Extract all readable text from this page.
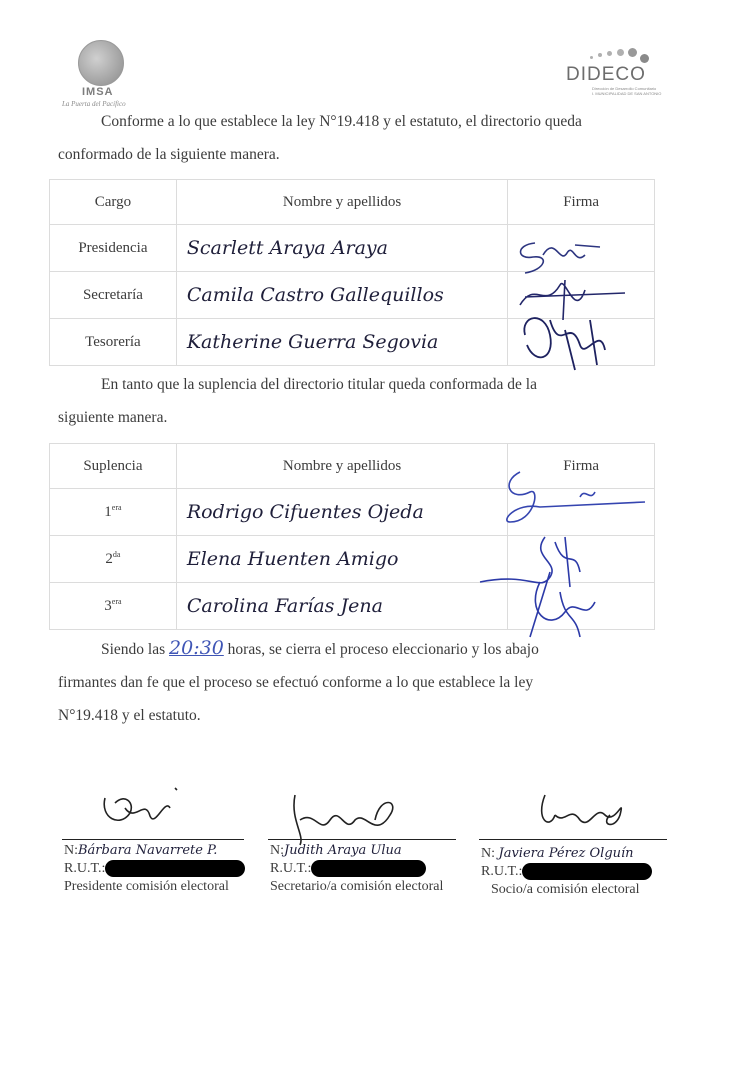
IMSA
La Puerta del Pacífico
DIDECO
Dirección de Desarrollo Comunitario
I. MUNICIPALIDAD DE SAN ANTONIO
Conforme a lo que establece la ley N°19.418 y el estatuto, el directorio queda
conformado de la siguiente manera.
Cargo	Nombre y apellidos	Firma
Presidencia	Scarlett Araya Araya	
Secretaría	Camila Castro Gallequillos	
Tesorería	Katherine Guerra Segovia	
En tanto que la suplencia del directorio titular queda conformada de la
siguiente manera.
Suplencia	Nombre y apellidos	Firma
$1^{era}$	Rodrigo Cifuentes Ojeda	
$2^{da}$	Elena Huenten Amigo	
$3^{era}$	Carolina Farías Jena	
Siendo las 20:30 horas, se cierra el proceso eleccionario y los abajo
firmantes dan fe que el proceso se efectuó conforme a lo que establece la ley
N°19.418 y el estatuto.
N:Bárbara Navarrete P.
R.U.T.:
Presidente comisión electoral
N:Judith Araya Ulua
R.U.T.:
Secretario/a comisión electoral
N: Javiera Pérez Olguín
R.U.T.:
Socio/a comisión electoral
